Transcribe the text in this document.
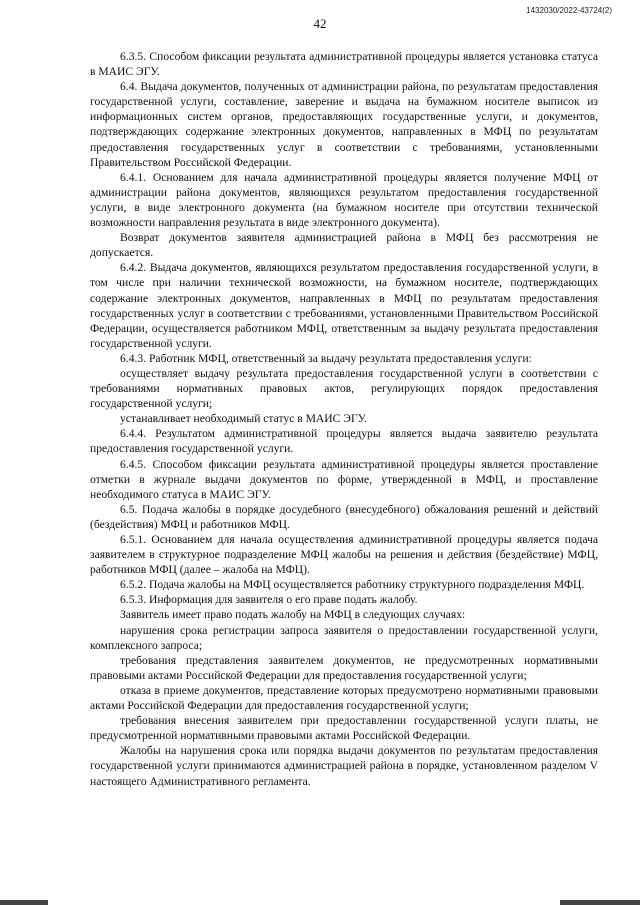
1432030/2022-43724(2)
42

6.3.5. Способом фиксации результата административной процедуры является установка статуса в МАИС ЭГУ.

6.4. Выдача документов, полученных от администрации района, по результатам предоставления государственной услуги, составление, заверение и выдача на бумажном носителе выписок из информационных систем органов, предоставляющих государственные услуги, и документов, подтверждающих содержание электронных документов, направленных в МФЦ по результатам предоставления государственных услуг в соответствии с требованиями, установленными Правительством Российской Федерации.

6.4.1. Основанием для начала административной процедуры является получение МФЦ от администрации района документов, являющихся результатом предоставления государственной услуги, в виде электронного документа (на бумажном носителе при отсутствии технической возможности направления результата в виде электронного документа).

Возврат документов заявителя администрацией района в МФЦ без рассмотрения не допускается.

6.4.2. Выдача документов, являющихся результатом предоставления государственной услуги, в том числе при наличии технической возможности, на бумажном носителе, подтверждающих содержание электронных документов, направленных в МФЦ по результатам предоставления государственных услуг в соответствии с требованиями, установленными Правительством Российской Федерации, осуществляется работником МФЦ, ответственным за выдачу результата предоставления государственной услуги.

6.4.3. Работник МФЦ, ответственный за выдачу результата предоставления услуги:

осуществляет выдачу результата предоставления государственной услуги в соответствии с требованиями нормативных правовых актов, регулирующих порядок предоставления государственной услуги;

устанавливает необходимый статус в МАИС ЭГУ.

6.4.4. Результатом административной процедуры является выдача заявителю результата предоставления государственной услуги.

6.4.5. Способом фиксации результата административной процедуры является проставление отметки в журнале выдачи документов по форме, утвержденной в МФЦ, и проставление необходимого статуса в МАИС ЭГУ.

6.5. Подача жалобы в порядке досудебного (внесудебного) обжалования решений и действий (бездействия) МФЦ и работников МФЦ.

6.5.1. Основанием для начала осуществления административной процедуры является подача заявителем в структурное подразделение МФЦ жалобы на решения и действия (бездействие) МФЦ, работников МФЦ (далее – жалоба на МФЦ).

6.5.2. Подача жалобы на МФЦ осуществляется работнику структурного подразделения МФЦ.

6.5.3. Информация для заявителя о его праве подать жалобу.

Заявитель имеет право подать жалобу на МФЦ в следующих случаях:

нарушения срока регистрации запроса заявителя о предоставлении государственной услуги, комплексного запроса;

требования представления заявителем документов, не предусмотренных нормативными правовыми актами Российской Федерации для предоставления государственной услуги;

отказа в приеме документов, представление которых предусмотрено нормативными правовыми актами Российской Федерации для предоставления государственной услуги;

требования внесения заявителем при предоставлении государственной услуги платы, не предусмотренной нормативными правовыми актами Российской Федерации.

Жалобы на нарушения срока или порядка выдачи документов по результатам предоставления государственной услуги принимаются администрацией района в порядке, установленном разделом V настоящего Административного регламента.
